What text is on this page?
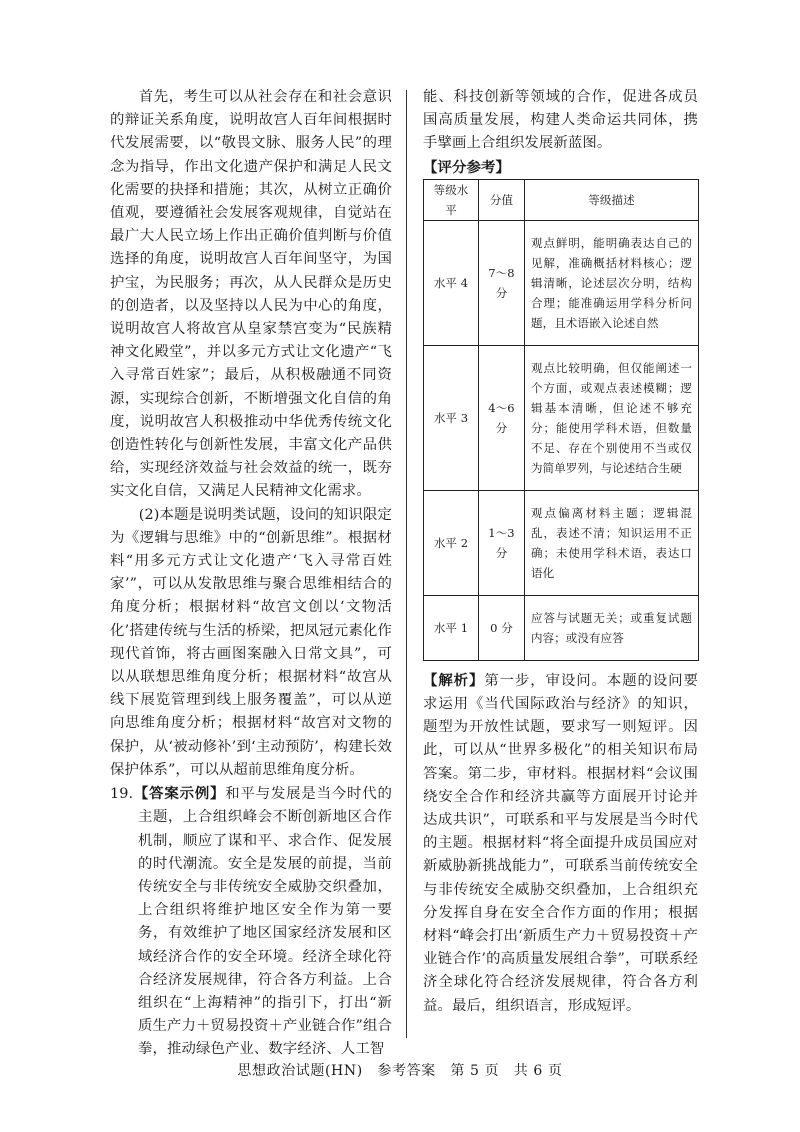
首先，考生可以从社会存在和社会意识的辩证关系角度，说明故宫人百年间根据时代发展需要，以“敬畏文脉、服务人民”的理念为指导，作出文化遗产保护和满足人民文化需要的抉择和措施；其次，从树立正确价值观，要遵循社会发展客观规律，自觉站在最广大人民立场上作出正确价值判断与价值选择的角度，说明故宫人百年间坚守，为国护宝，为民服务；再次，从人民群众是历史的创造者，以及坚持以人民为中心的角度，说明故宫人将故宫从皇家禁宫变为“民族精神文化殿堂”，并以多元方式让文化遗产“飞入寻常百姓家”；最后，从积极融通不同资源，实现综合创新，不断增强文化自信的角度，说明故宫人积极推动中华优秀传统文化创造性转化与创新性发展，丰富文化产品供给，实现经济效益与社会效益的统一，既夯实文化自信，又满足人民精神文化需求。

(2)本题是说明类试题，设问的知识限定为《逻辑与思维》中的“创新思维”。根据材料“用多元方式让文化遗产‘飞入寻常百姓家’”，可以从发散思维与聚合思维相结合的角度分析；根据材料“故宫文创以‘文物活化’搭建传统与生活的桥梁，把凤冠元素化作现代首饰，将古画图案融入日常文具”，可以从联想思维角度分析；根据材料“故宫从线下展览管理到线上服务覆盖”，可以从逆向思维角度分析；根据材料“故宫对文物的保护，从‘被动修补’到‘主动预防’，构建长效保护体系”，可以从超前思维角度分析。

19.【答案示例】和平与发展是当今时代的主题，上合组织峰会不断创新地区合作机制，顺应了谋和平、求合作、促发展的时代潮流。安全是发展的前提，当前传统安全与非传统安全威胁交织叠加，上合组织将维护地区安全作为第一要务，有效维护了地区国家经济发展和区域经济合作的安全环境。经济全球化符合经济发展规律，符合各方利益。上合组织在“上海精神”的指引下，打出“新质生产力＋贸易投资＋产业链合作”组合拳，推动绿色产业、数字经济、人工智

能、科技创新等领域的合作，促进各成员国高质量发展，构建人类命运共同体，携手擘画上合组织发展新蓝图。

【评分参考】

等级水平	分值	等级描述
水平 4	7～8 分	观点鲜明，能明确表达自己的见解，准确概括材料核心；逻辑清晰，论述层次分明，结构合理；能准确运用学科分析问题，且术语嵌入论述自然
水平 3	4～6 分	观点比较明确，但仅能阐述一个方面，或观点表述模糊；逻辑基本清晰，但论述不够充分；能使用学科术语，但数量不足、存在个别使用不当或仅为简单罗列，与论述结合生硬
水平 2	1～3 分	观点偏离材料主题；逻辑混乱，表述不清；知识运用不正确；未使用学科术语，表达口语化
水平 1	0 分	应答与试题无关；或重复试题内容；或没有应答

【解析】第一步，审设问。本题的设问要求运用《当代国际政治与经济》的知识，题型为开放性试题，要求写一则短评。因此，可以从“世界多极化”的相关知识布局答案。第二步，审材料。根据材料“会议围绕安全合作和经济共赢等方面展开讨论并达成共识”，可联系和平与发展是当今时代的主题。根据材料“将全面提升成员国应对新威胁新挑战能力”，可联系当前传统安全与非传统安全威胁交织叠加，上合组织充分发挥自身在安全合作方面的作用；根据材料“峰会打出‘新质生产力＋贸易投资＋产业链合作’的高质量发展组合拳”，可联系经济全球化符合经济发展规律，符合各方利益。最后，组织语言，形成短评。

思想政治试题(HN)　参考答案　第 5 页　共 6 页
